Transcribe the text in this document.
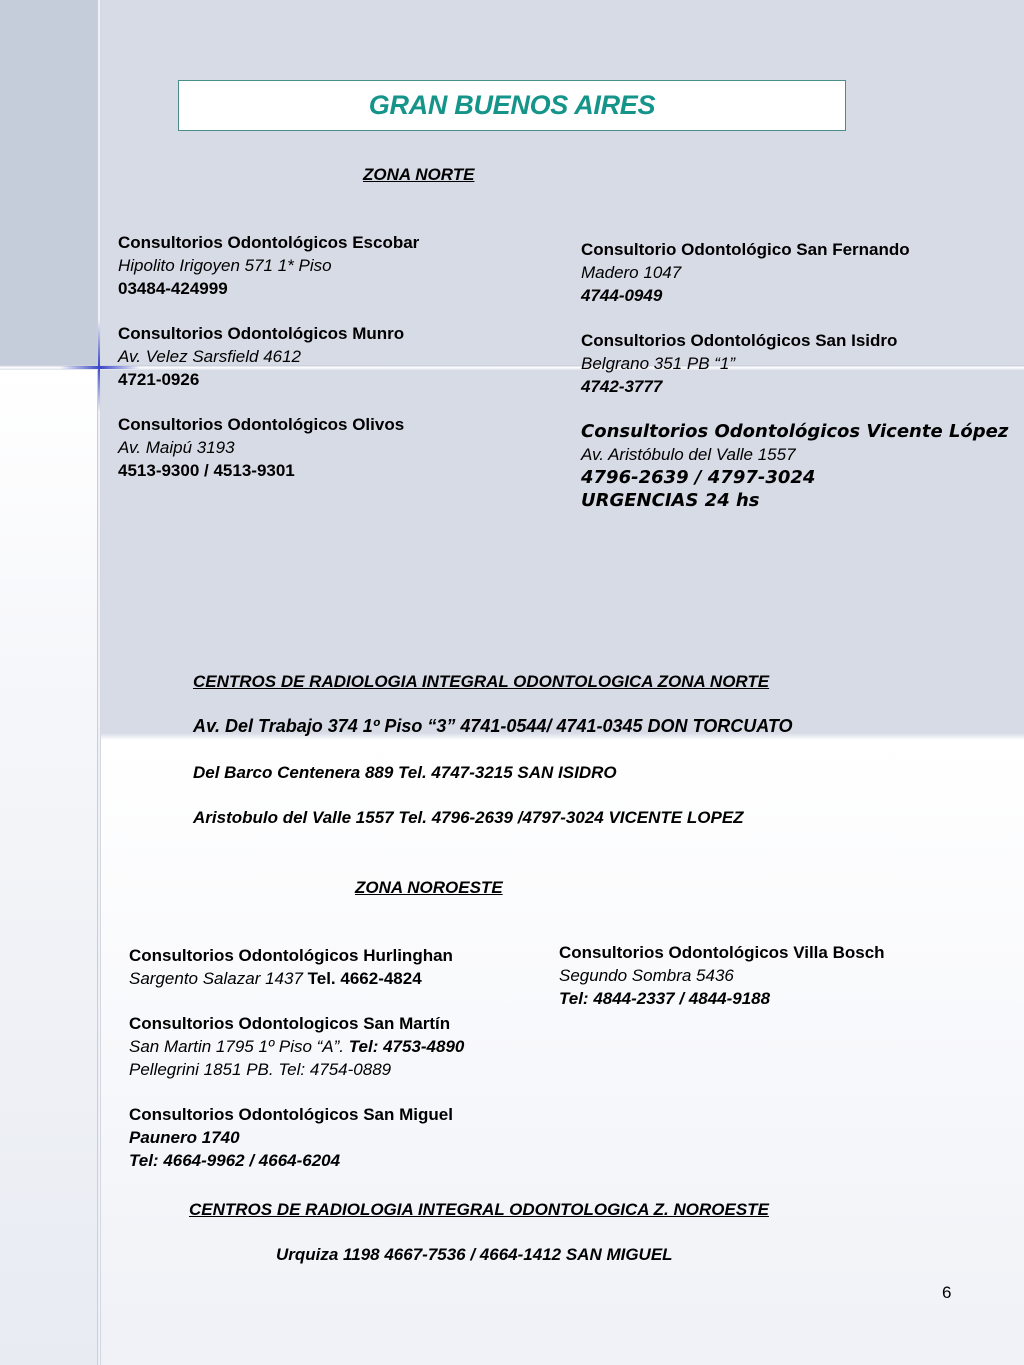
GRAN BUENOS AIRES
ZONA NORTE
Consultorios Odontológicos Escobar
Hipolito Irigoyen 571 1* Piso
03484-424999
Consultorios Odontológicos Munro
Av. Velez Sarsfield 4612
4721-0926
Consultorios Odontológicos Olivos
Av. Maipú 3193
4513-9300 / 4513-9301
Consultorio Odontológico San Fernando
Madero 1047
4744-0949
Consultorios Odontológicos San Isidro
Belgrano 351 PB “1”
4742-3777
Consultorios Odontológicos Vicente López
Av. Aristóbulo del Valle 1557
4796-2639 / 4797-3024
URGENCIAS 24 hs
CENTROS DE RADIOLOGIA INTEGRAL ODONTOLOGICA ZONA NORTE
Av. Del Trabajo 374 1º Piso “3” 4741-0544/ 4741-0345 DON TORCUATO
Del Barco Centenera 889 Tel. 4747-3215 SAN ISIDRO
Aristobulo del Valle 1557 Tel. 4796-2639 /4797-3024 VICENTE LOPEZ
ZONA NOROESTE
Consultorios Odontológicos Hurlinghan
Sargento Salazar 1437 Tel. 4662-4824
Consultorios Odontologicos San Martín
San Martin 1795 1º Piso “A”. Tel: 4753-4890
Pellegrini 1851 PB. Tel: 4754-0889
Consultorios Odontológicos San Miguel
Paunero 1740
Tel: 4664-9962 / 4664-6204
Consultorios Odontológicos Villa Bosch
Segundo Sombra 5436
Tel: 4844-2337 / 4844-9188
CENTROS DE RADIOLOGIA INTEGRAL ODONTOLOGICA Z. NOROESTE
Urquiza 1198 4667-7536 / 4664-1412 SAN MIGUEL
6
